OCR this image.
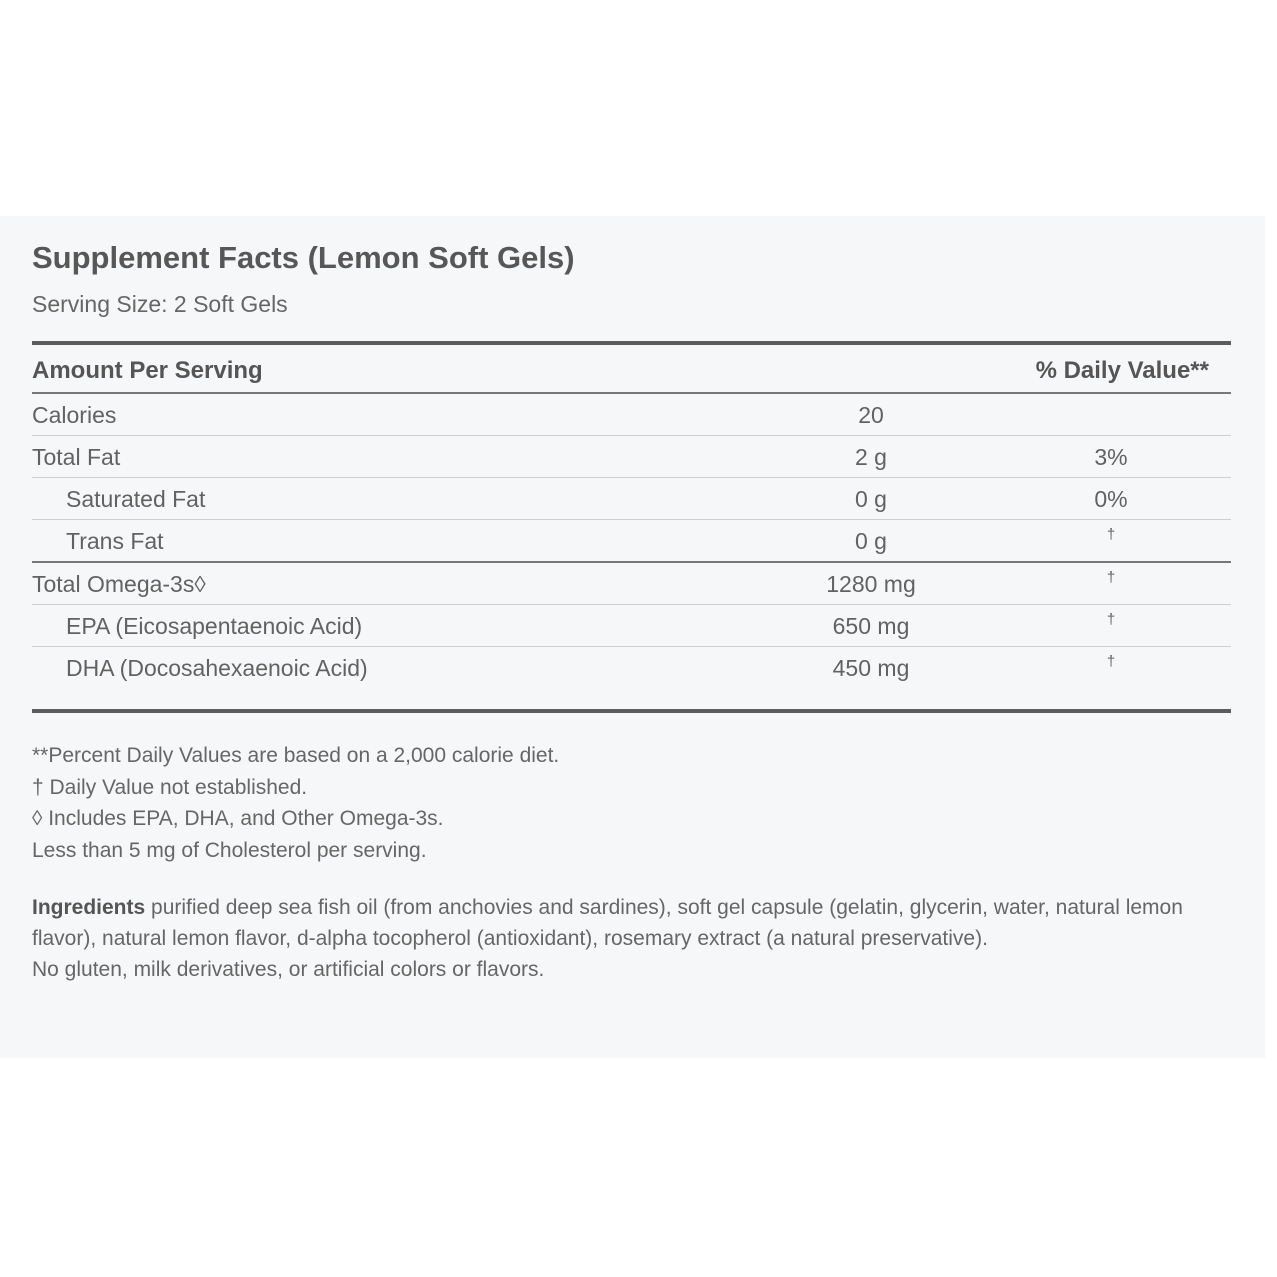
Supplement Facts (Lemon Soft Gels)
Serving Size: 2 Soft Gels
Amount Per Serving	% Daily Value**
Calories	20
Total Fat	2 g	3%
Saturated Fat	0 g	0%
Trans Fat	0 g	†
Total Omega-3s◊	1280 mg	†
EPA (Eicosapentaenoic Acid)	650 mg	†
DHA (Docosahexaenoic Acid)	450 mg	†
**Percent Daily Values are based on a 2,000 calorie diet.
† Daily Value not established.
◊ Includes EPA, DHA, and Other Omega-3s.
Less than 5 mg of Cholesterol per serving.
Ingredients purified deep sea fish oil (from anchovies and sardines), soft gel capsule (gelatin, glycerin, water, natural lemon flavor), natural lemon flavor, d-alpha tocopherol (antioxidant), rosemary extract (a natural preservative).
No gluten, milk derivatives, or artificial colors or flavors.
